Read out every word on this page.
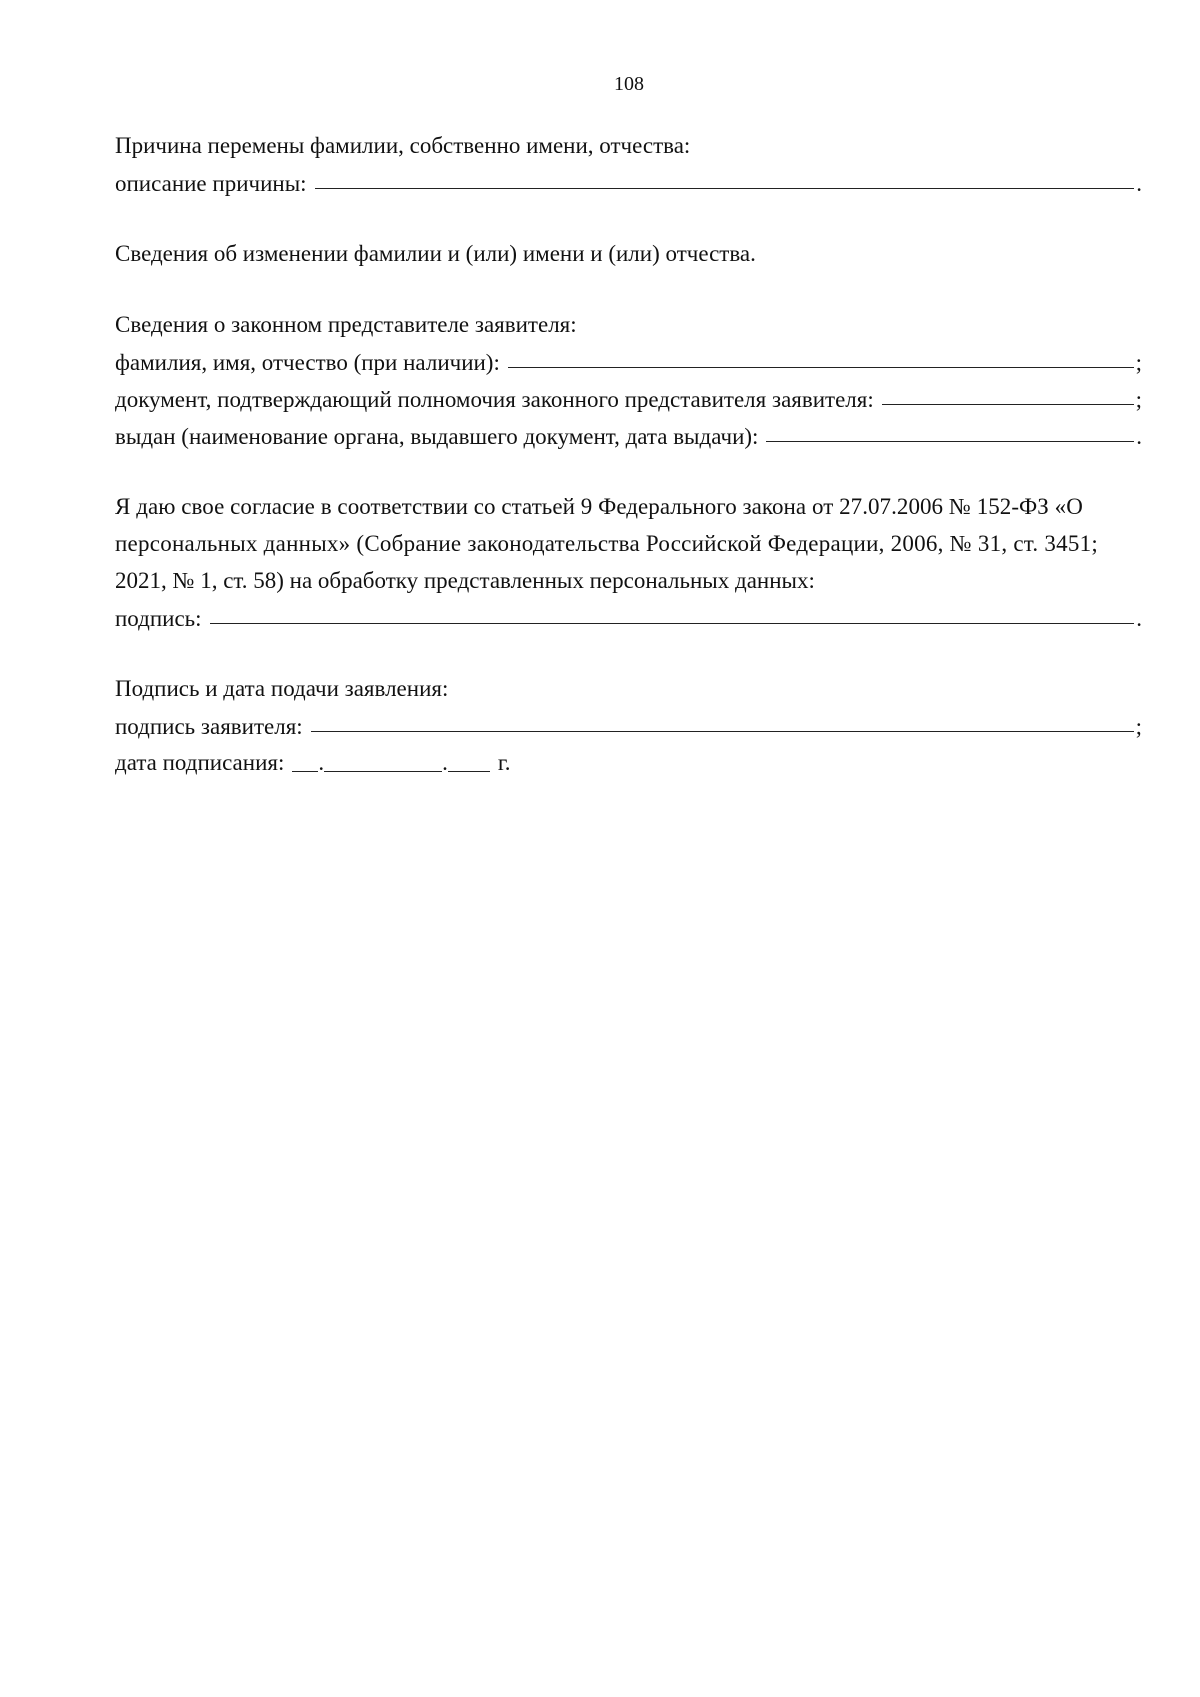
108
Причина перемены фамилии, собственно имени, отчества:
описание причины:	.
Сведения об изменении фамилии и (или) имени и (или) отчества.
Сведения о законном представителе заявителя:
фамилия, имя, отчество (при наличии):	;
документ, подтверждающий полномочия законного представителя заявителя:	;
выдан (наименование органа, выдавшего документ, дата выдачи):	.
Я даю свое согласие в соответствии со статьей 9 Федерального закона от 27.07.2006 № 152-ФЗ «О
персональных данных» (Собрание законодательства Российской Федерации, 2006, № 31, ст. 3451;
2021, № 1, ст. 58) на обработку представленных персональных данных:
подпись:	.
Подпись и дата подачи заявления:
подпись заявителя:	;
дата подписания: .	. г.
